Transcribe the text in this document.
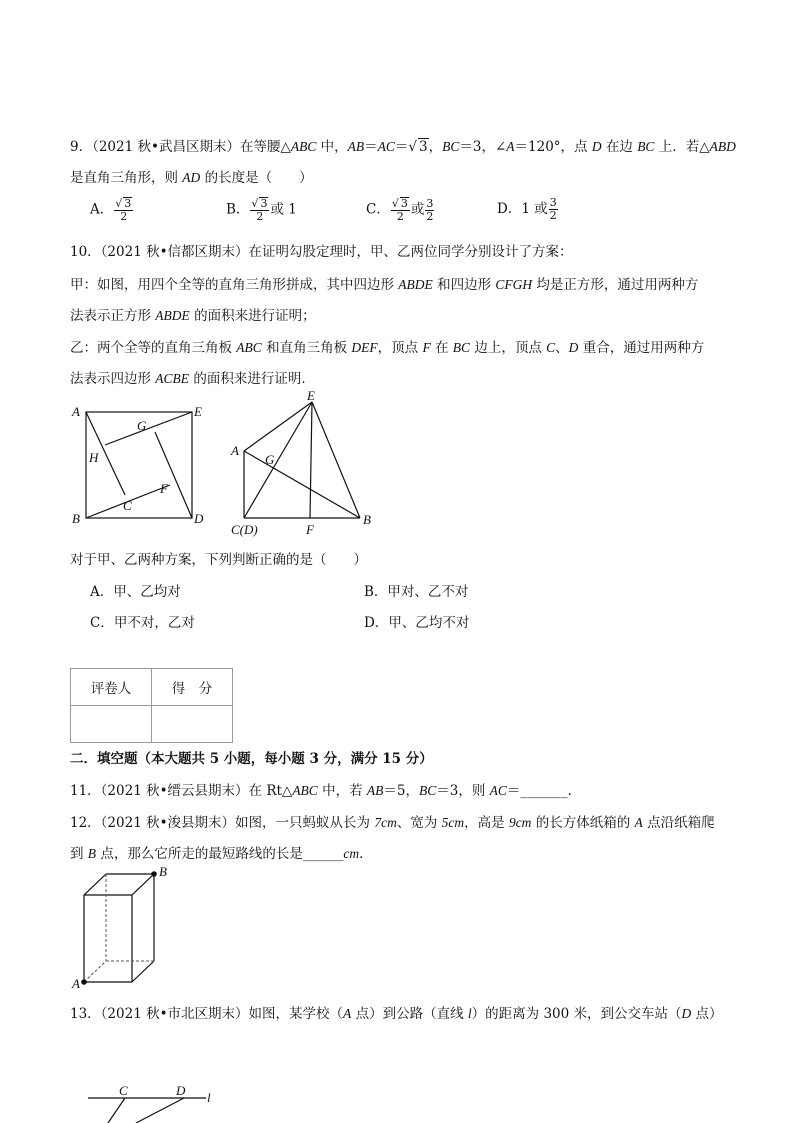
9．（2021 秋•武昌区期末）在等腰△ABC 中，AB＝AC＝√ 3，BC＝3，∠A＝120°，点 D 在边 BC 上．若△ABD
是直角三角形，则 AD 的长度是（　　）
A． $\frac{√ 3}{2}$	B． $\frac{√ 3}{2}$ 或 1	C． $\frac{√ 3}{2}$ 或 $\frac{3}{2}$	D．1 或 $\frac{3}{2}$
10．（2021 秋•信都区期末）在证明勾股定理时，甲、乙两位同学分别设计了方案：
甲：如图，用四个全等的直角三角形拼成，其中四边形 ABDE 和四边形 CFGH 均是正方形，通过用两种方
法表示正方形 ABDE 的面积来进行证明；
乙：两个全等的直角三角板 ABC 和直角三角板 DEF，顶点 F 在 BC 边上，顶点 C、D 重合，通过用两种方
法表示四边形 ACBE 的面积来进行证明．
A	E
G
H
F
C
B	D
E
A
G
C(D)	F
B
对于甲、乙两种方案，下列判断正确的是（　　）
A．甲、乙均对	B．甲对、乙不对
C．甲不对，乙对	D．甲、乙均不对
评卷人	得　分

二．填空题（本大题共 5 小题，每小题 3 分，满分 15 分）
11．（2021 秋•缙云县期末）在 Rt△ABC 中，若 AB＝5，BC＝3，则 AC＝_______．
12．（2021 秋•浚县期末）如图，一只蚂蚁从长为 7cm、宽为 5cm，高是 9cm 的长方体纸箱的 A 点沿纸箱爬
到 B 点，那么它所走的最短路线的长是______cm．
B
A
13．（2021 秋•市北区期末）如图，某学校（A 点）到公路（直线 l）的距离为 300 米，到公交车站（D 点）
C	D l
